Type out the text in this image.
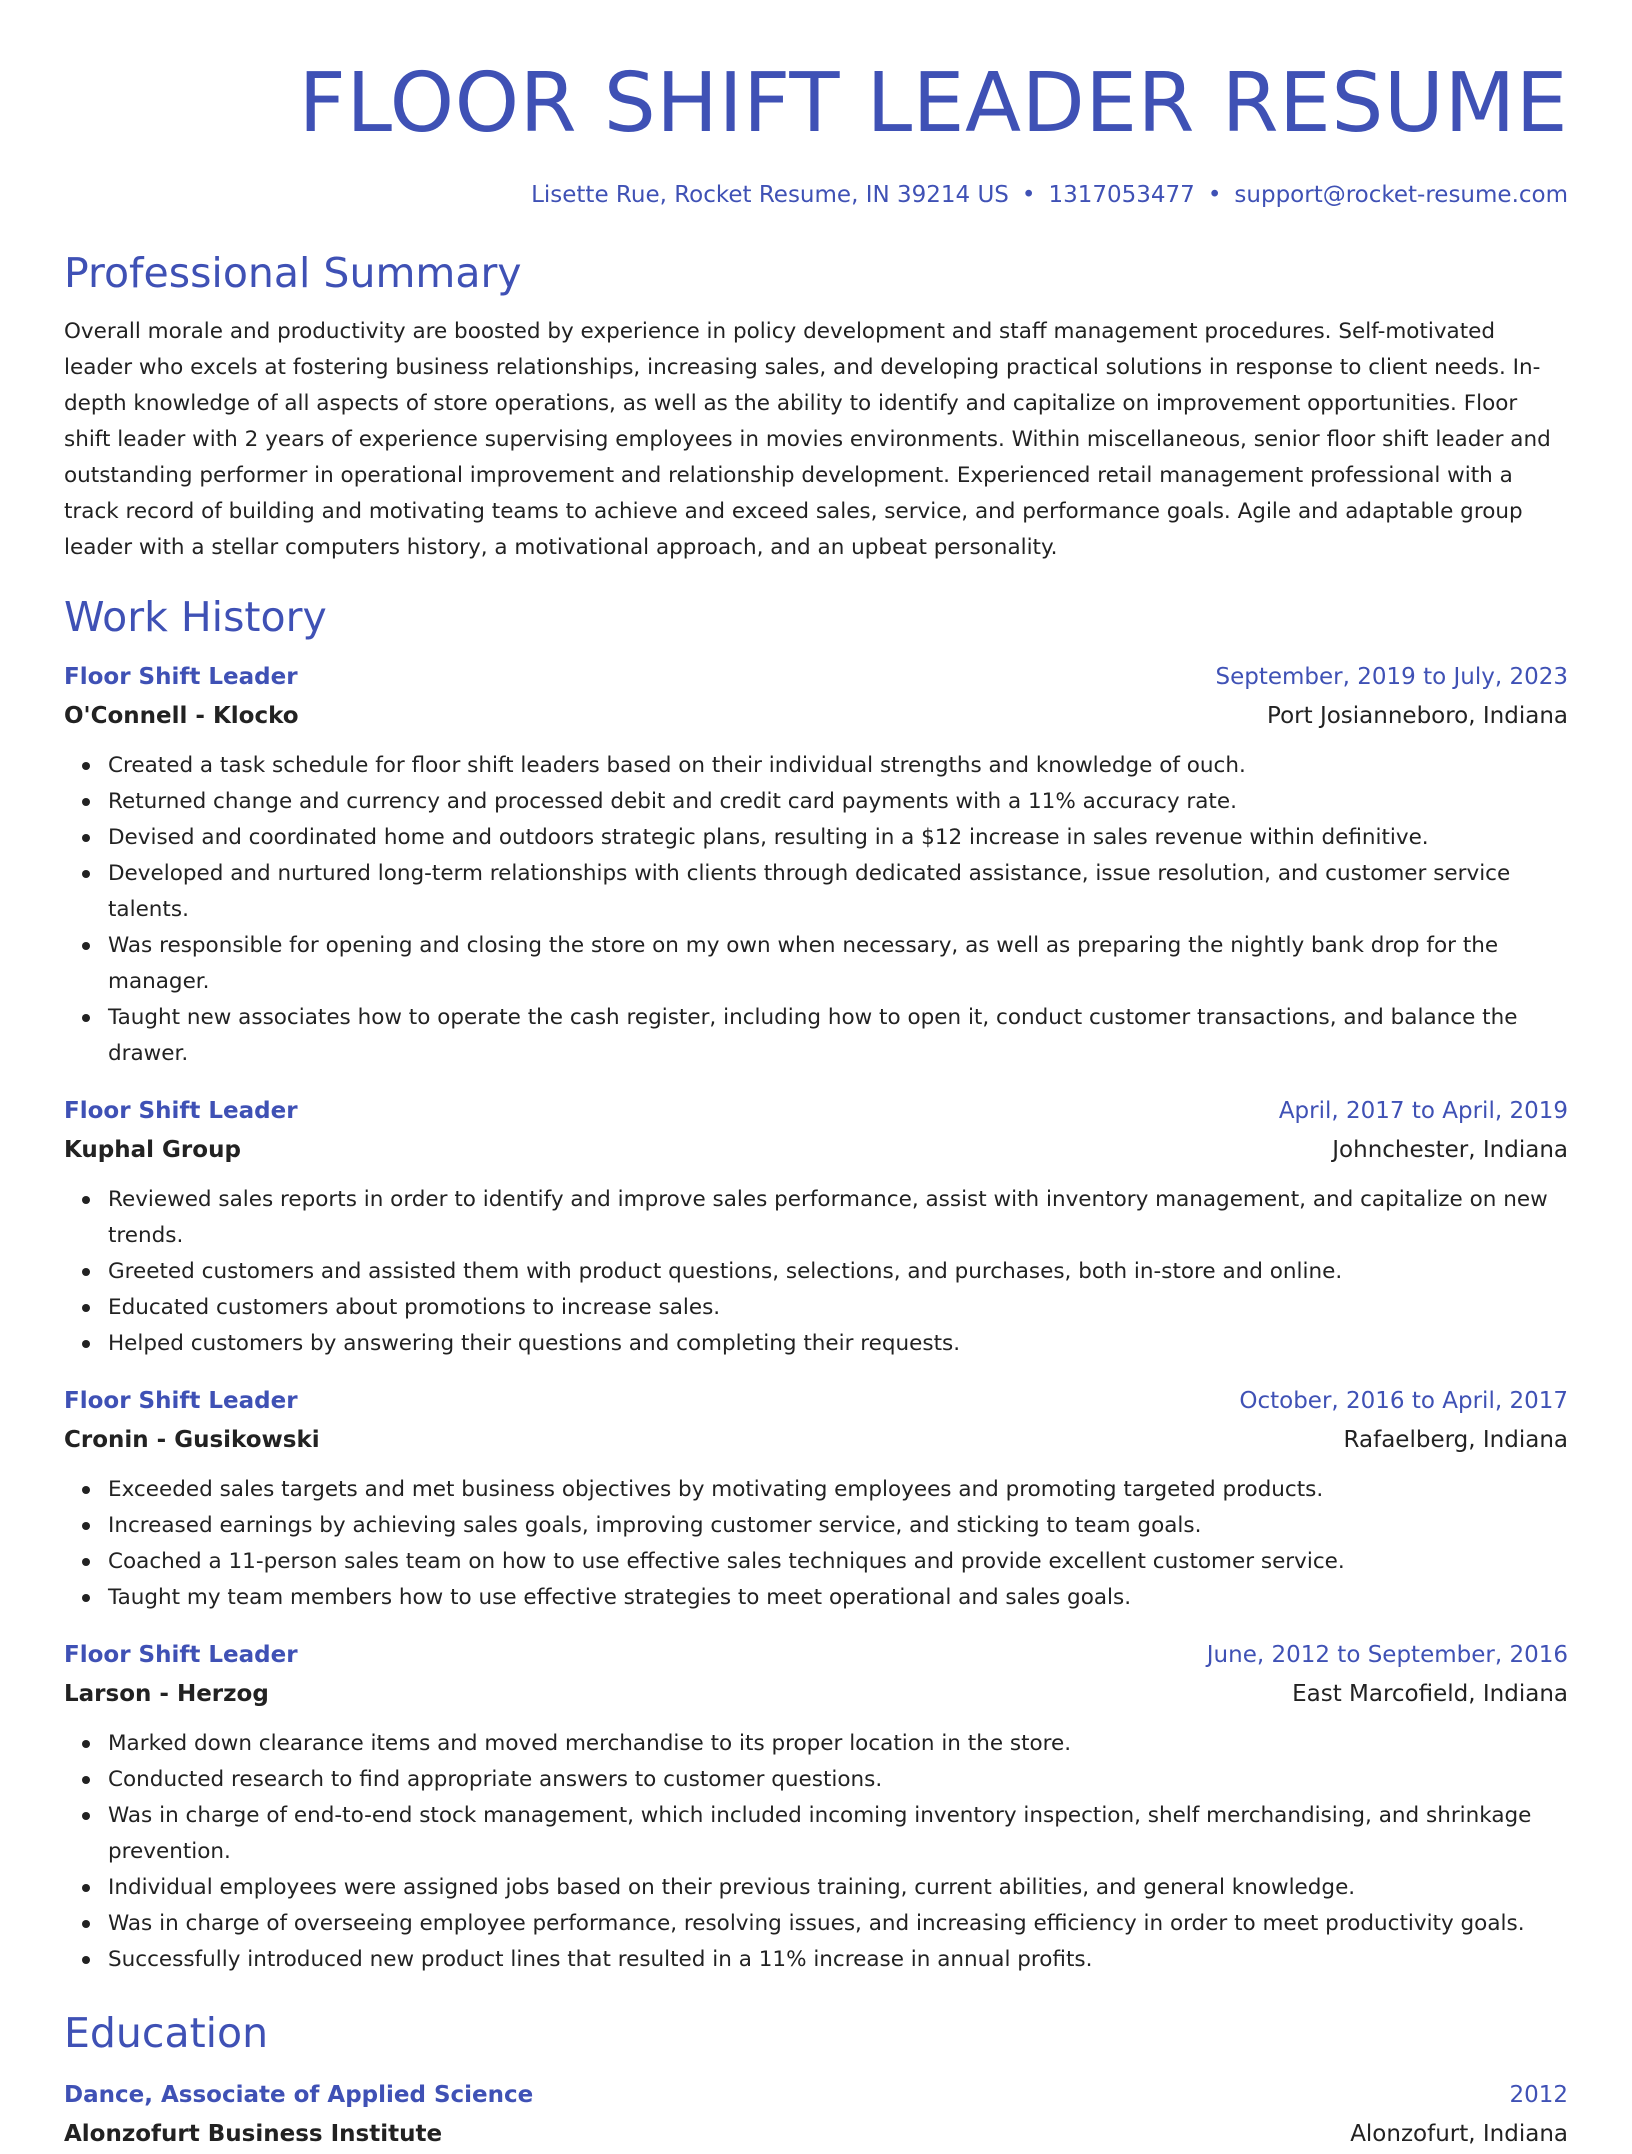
FLOOR SHIFT LEADER RESUME
Lisette Rue, Rocket Resume, IN 39214 US • 1317053477 • support@rocket-resume.com
Professional Summary

Overall morale and productivity are boosted by experience in policy development and staff management procedures. Self-motivated leader who excels at fostering business relationships, increasing sales, and developing practical solutions in response to client needs. In-depth knowledge of all aspects of store operations, as well as the ability to identify and capitalize on improvement opportunities. Floor shift leader with 2 years of experience supervising employees in movies environments. Within miscellaneous, senior floor shift leader and outstanding performer in operational improvement and relationship development. Experienced retail management professional with a track record of building and motivating teams to achieve and exceed sales, service, and performance goals. Agile and adaptable group leader with a stellar computers history, a motivational approach, and an upbeat personality.

Work History
Floor Shift Leader	September, 2019 to July, 2023
O'Connell - Klocko	Port Josianneboro, Indiana
Created a task schedule for floor shift leaders based on their individual strengths and knowledge of ouch.
Returned change and currency and processed debit and credit card payments with a 11% accuracy rate.
Devised and coordinated home and outdoors strategic plans, resulting in a $12 increase in sales revenue within definitive.
Developed and nurtured long-term relationships with clients through dedicated assistance, issue resolution, and customer service talents.
Was responsible for opening and closing the store on my own when necessary, as well as preparing the nightly bank drop for the manager.
Taught new associates how to operate the cash register, including how to open it, conduct customer transactions, and balance the drawer.
Floor Shift Leader	April, 2017 to April, 2019
Kuphal Group	Johnchester, Indiana
Reviewed sales reports in order to identify and improve sales performance, assist with inventory management, and capitalize on new trends.
Greeted customers and assisted them with product questions, selections, and purchases, both in-store and online.
Educated customers about promotions to increase sales.
Helped customers by answering their questions and completing their requests.
Floor Shift Leader	October, 2016 to April, 2017
Cronin - Gusikowski	Rafaelberg, Indiana
Exceeded sales targets and met business objectives by motivating employees and promoting targeted products.
Increased earnings by achieving sales goals, improving customer service, and sticking to team goals.
Coached a 11-person sales team on how to use effective sales techniques and provide excellent customer service.
Taught my team members how to use effective strategies to meet operational and sales goals.
Floor Shift Leader	June, 2012 to September, 2016
Larson - Herzog	East Marcofield, Indiana
Marked down clearance items and moved merchandise to its proper location in the store.
Conducted research to find appropriate answers to customer questions.
Was in charge of end-to-end stock management, which included incoming inventory inspection, shelf merchandising, and shrinkage prevention.
Individual employees were assigned jobs based on their previous training, current abilities, and general knowledge.
Was in charge of overseeing employee performance, resolving issues, and increasing efficiency in order to meet productivity goals.
Successfully introduced new product lines that resulted in a 11% increase in annual profits.
Education
Dance, Associate of Applied Science	2012
Alonzofurt Business Institute	Alonzofurt, Indiana
